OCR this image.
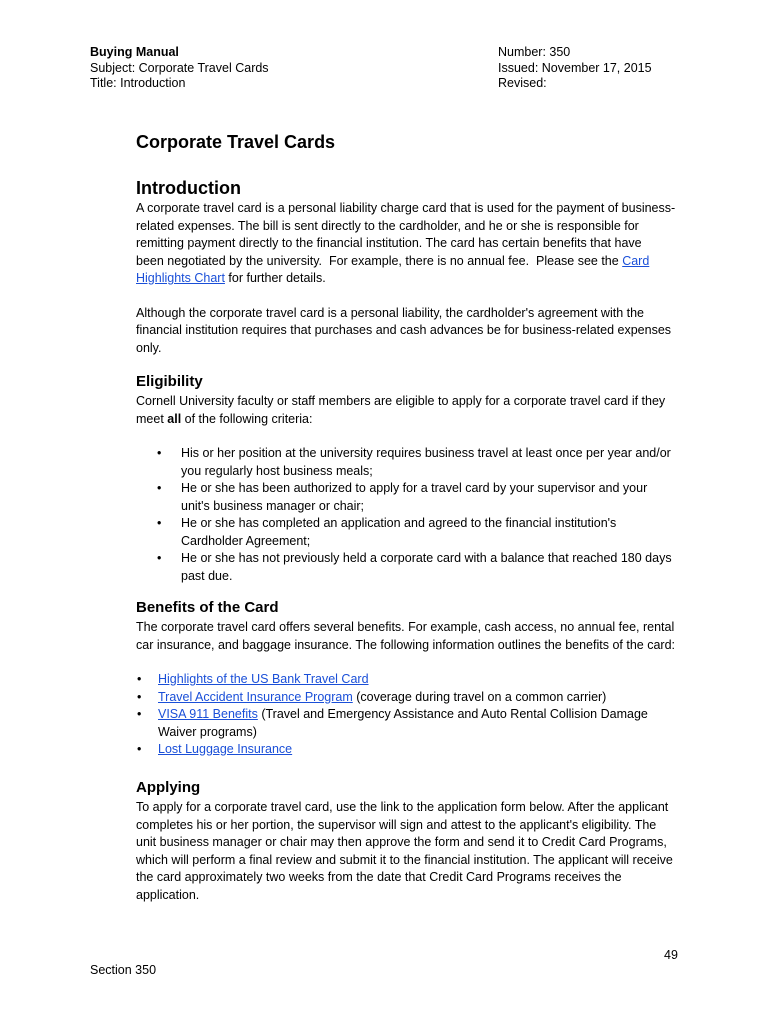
Buying Manual
Subject: Corporate Travel Cards
Title: Introduction
Number: 350
Issued: November 17, 2015
Revised:
Corporate Travel Cards
Introduction

A corporate travel card is a personal liability charge card that is used for the payment of business-
related expenses. The bill is sent directly to the cardholder, and he or she is responsible for
remitting payment directly to the financial institution. The card has certain benefits that have
been negotiated by the university.  For example, there is no annual fee.  Please see the Card
Highlights Chart for further details.

Although the corporate travel card is a personal liability, the cardholder's agreement with the
financial institution requires that purchases and cash advances be for business-related expenses
only.

Eligibility

Cornell University faculty or staff members are eligible to apply for a corporate travel card if they
meet all of the following criteria:

• His or her position at the university requires business travel at least once per year and/or
you regularly host business meals;
• He or she has been authorized to apply for a travel card by your supervisor and your
unit's business manager or chair;
• He or she has completed an application and agreed to the financial institution's
Cardholder Agreement;
• He or she has not previously held a corporate card with a balance that reached 180 days
past due.
Benefits of the Card

The corporate travel card offers several benefits. For example, cash access, no annual fee, rental
car insurance, and baggage insurance. The following information outlines the benefits of the card:

• Highlights of the US Bank Travel Card
• Travel Accident Insurance Program (coverage during travel on a common carrier)
• VISA 911 Benefits (Travel and Emergency Assistance and Auto Rental Collision Damage
Waiver programs)
• Lost Luggage Insurance
Applying

To apply for a corporate travel card, use the link to the application form below. After the applicant
completes his or her portion, the supervisor will sign and attest to the applicant's eligibility. The
unit business manager or chair may then approve the form and send it to Credit Card Programs,
which will perform a final review and submit it to the financial institution. The applicant will receive
the card approximately two weeks from the date that Credit Card Programs receives the
application.

49
Section 350
